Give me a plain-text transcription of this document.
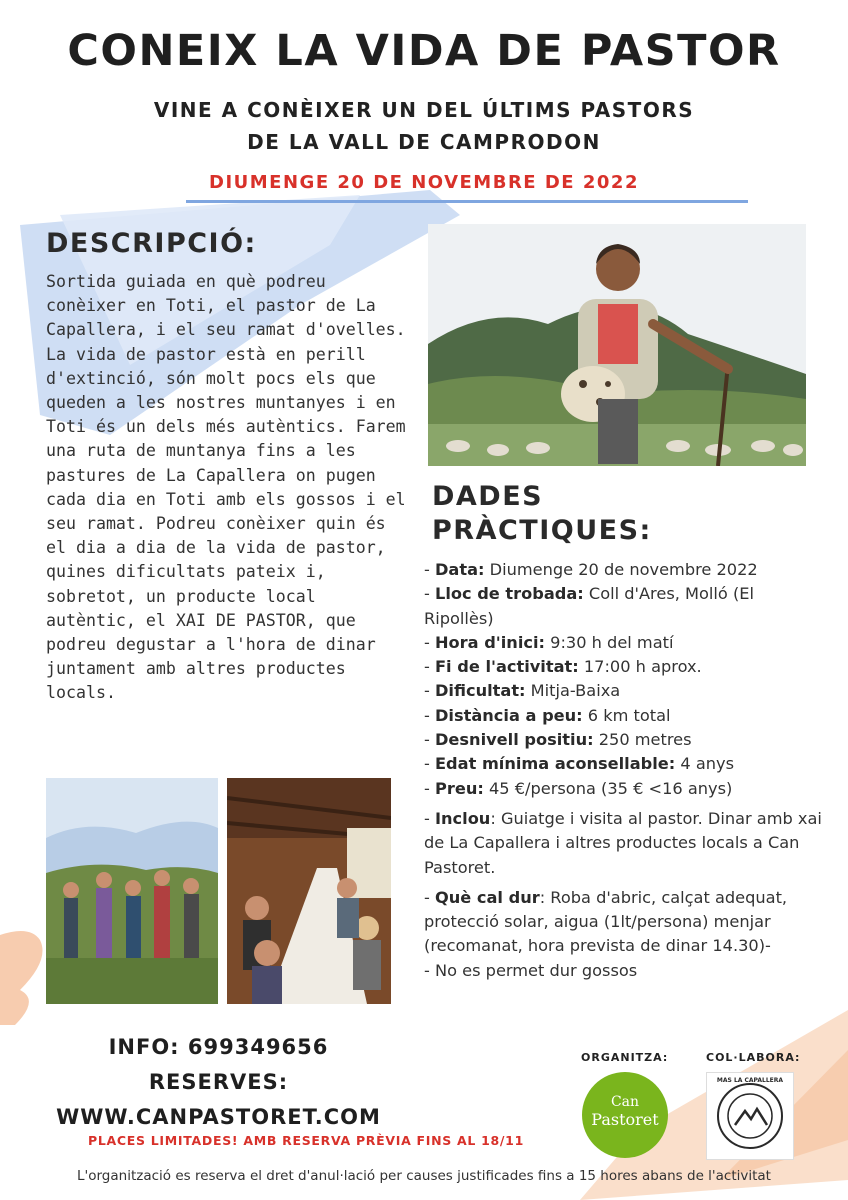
CONEIX LA VIDA DE PASTOR
VINE A CONÈIXER UN DEL ÚLTIMS PASTORS
DE LA VALL DE CAMPRODON
DIUMENGE 20 DE NOVEMBRE DE 2022
DESCRIPCIÓ:

Sortida guiada en què podreu conèixer en Toti, el pastor de La Capallera, i el seu ramat d'ovelles.

La vida de pastor està en perill d'extinció, són molt pocs els que queden a les nostres muntanyes i en Toti és un dels més autèntics. Farem una ruta de muntanya fins a les pastures de La Capallera on pugen cada dia en Toti amb els gossos i el seu ramat. Podreu conèixer quin és el dia a dia de la vida de pastor, quines dificultats pateix i, sobretot, un producte local autèntic, el XAI DE PASTOR, que podreu degustar a l'hora de dinar juntament amb altres productes locals.

DADES PRÀCTIQUES:
- Data: Diumenge 20 de novembre 2022
- Lloc de trobada: Coll d'Ares, Molló (El Ripollès)
- Hora d'inici: 9:30 h del matí
- Fi de l'activitat: 17:00 h aprox.
- Dificultat: Mitja-Baixa
- Distància a peu: 6 km total
- Desnivell positiu: 250 metres
- Edat mínima aconsellable: 4 anys
- Preu: 45 €/persona (35 € <16 anys)
- Inclou: Guiatge i visita al pastor. Dinar amb xai de La Capallera i altres productes locals a Can Pastoret.
- Què cal dur: Roba d'abric, calçat adequat, protecció solar, aigua (1lt/persona) menjar (recomanat, hora prevista de dinar 14.30)-
- No es permet dur gossos
INFO: 699349656
RESERVES:
WWW.CANPASTORET.COM
PLACES LIMITADES! AMB RESERVA PRÈVIA FINS AL 18/11
L'organització es reserva el dret d'anul·lació per causes justificades fins a 15 hores abans de l'activitat
ORGANITZA:	COL·LABORA:
Can
Pastoret
MAS LA CAPALLERA
